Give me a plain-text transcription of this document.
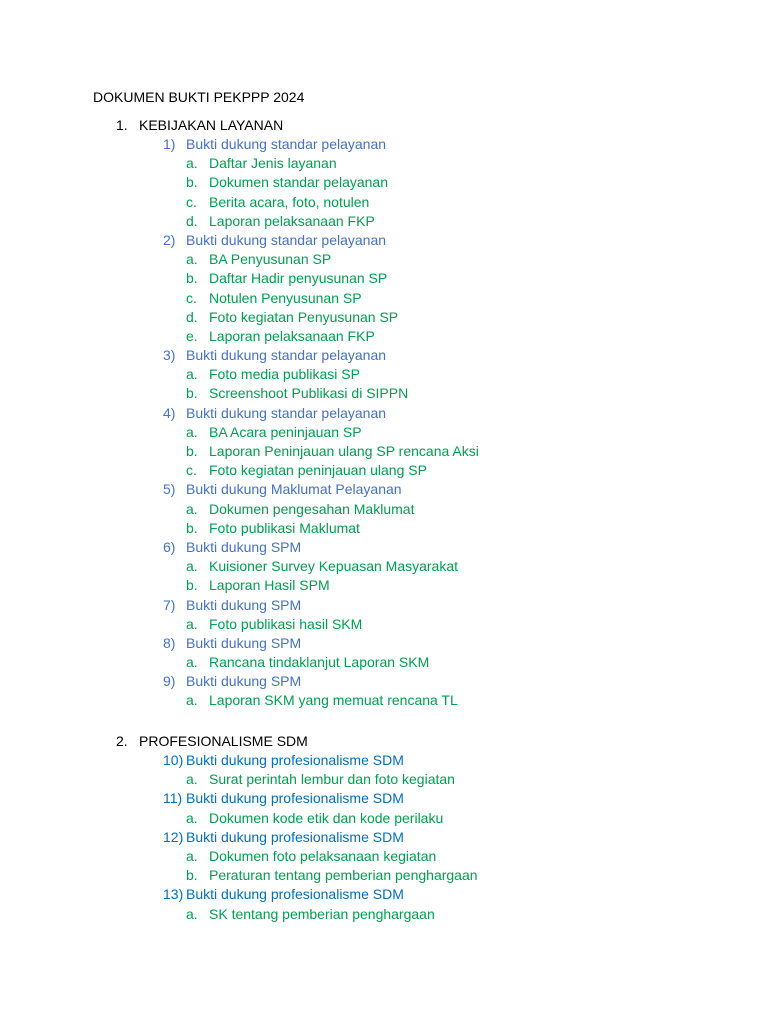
DOKUMEN BUKTI PEKPPP 2024
1. KEBIJAKAN LAYANAN
1) Bukti dukung standar pelayanan
a. Daftar Jenis layanan
b. Dokumen standar pelayanan
c. Berita acara, foto, notulen
d. Laporan pelaksanaan FKP
2) Bukti dukung standar pelayanan
a. BA Penyusunan SP
b. Daftar Hadir penyusunan SP
c. Notulen Penyusunan SP
d. Foto kegiatan Penyusunan SP
e. Laporan pelaksanaan FKP
3) Bukti dukung standar pelayanan
a. Foto media publikasi SP
b. Screenshoot Publikasi di SIPPN
4) Bukti dukung standar pelayanan
a. BA Acara peninjauan SP
b. Laporan Peninjauan ulang SP rencana Aksi
c. Foto kegiatan peninjauan ulang SP
5) Bukti dukung Maklumat Pelayanan
a. Dokumen pengesahan Maklumat
b. Foto publikasi Maklumat
6) Bukti dukung SPM
a. Kuisioner Survey Kepuasan Masyarakat
b. Laporan Hasil SPM
7) Bukti dukung SPM
a. Foto publikasi hasil SKM
8) Bukti dukung SPM
a. Rancana tindaklanjut Laporan SKM
9) Bukti dukung SPM
a. Laporan SKM yang memuat rencana TL
2. PROFESIONALISME SDM
10) Bukti dukung profesionalisme SDM
a. Surat perintah lembur dan foto kegiatan
11) Bukti dukung profesionalisme SDM
a. Dokumen kode etik dan kode perilaku
12) Bukti dukung profesionalisme SDM
a. Dokumen foto pelaksanaan kegiatan
b. Peraturan tentang pemberian penghargaan
13) Bukti dukung profesionalisme SDM
a. SK tentang pemberian penghargaan
